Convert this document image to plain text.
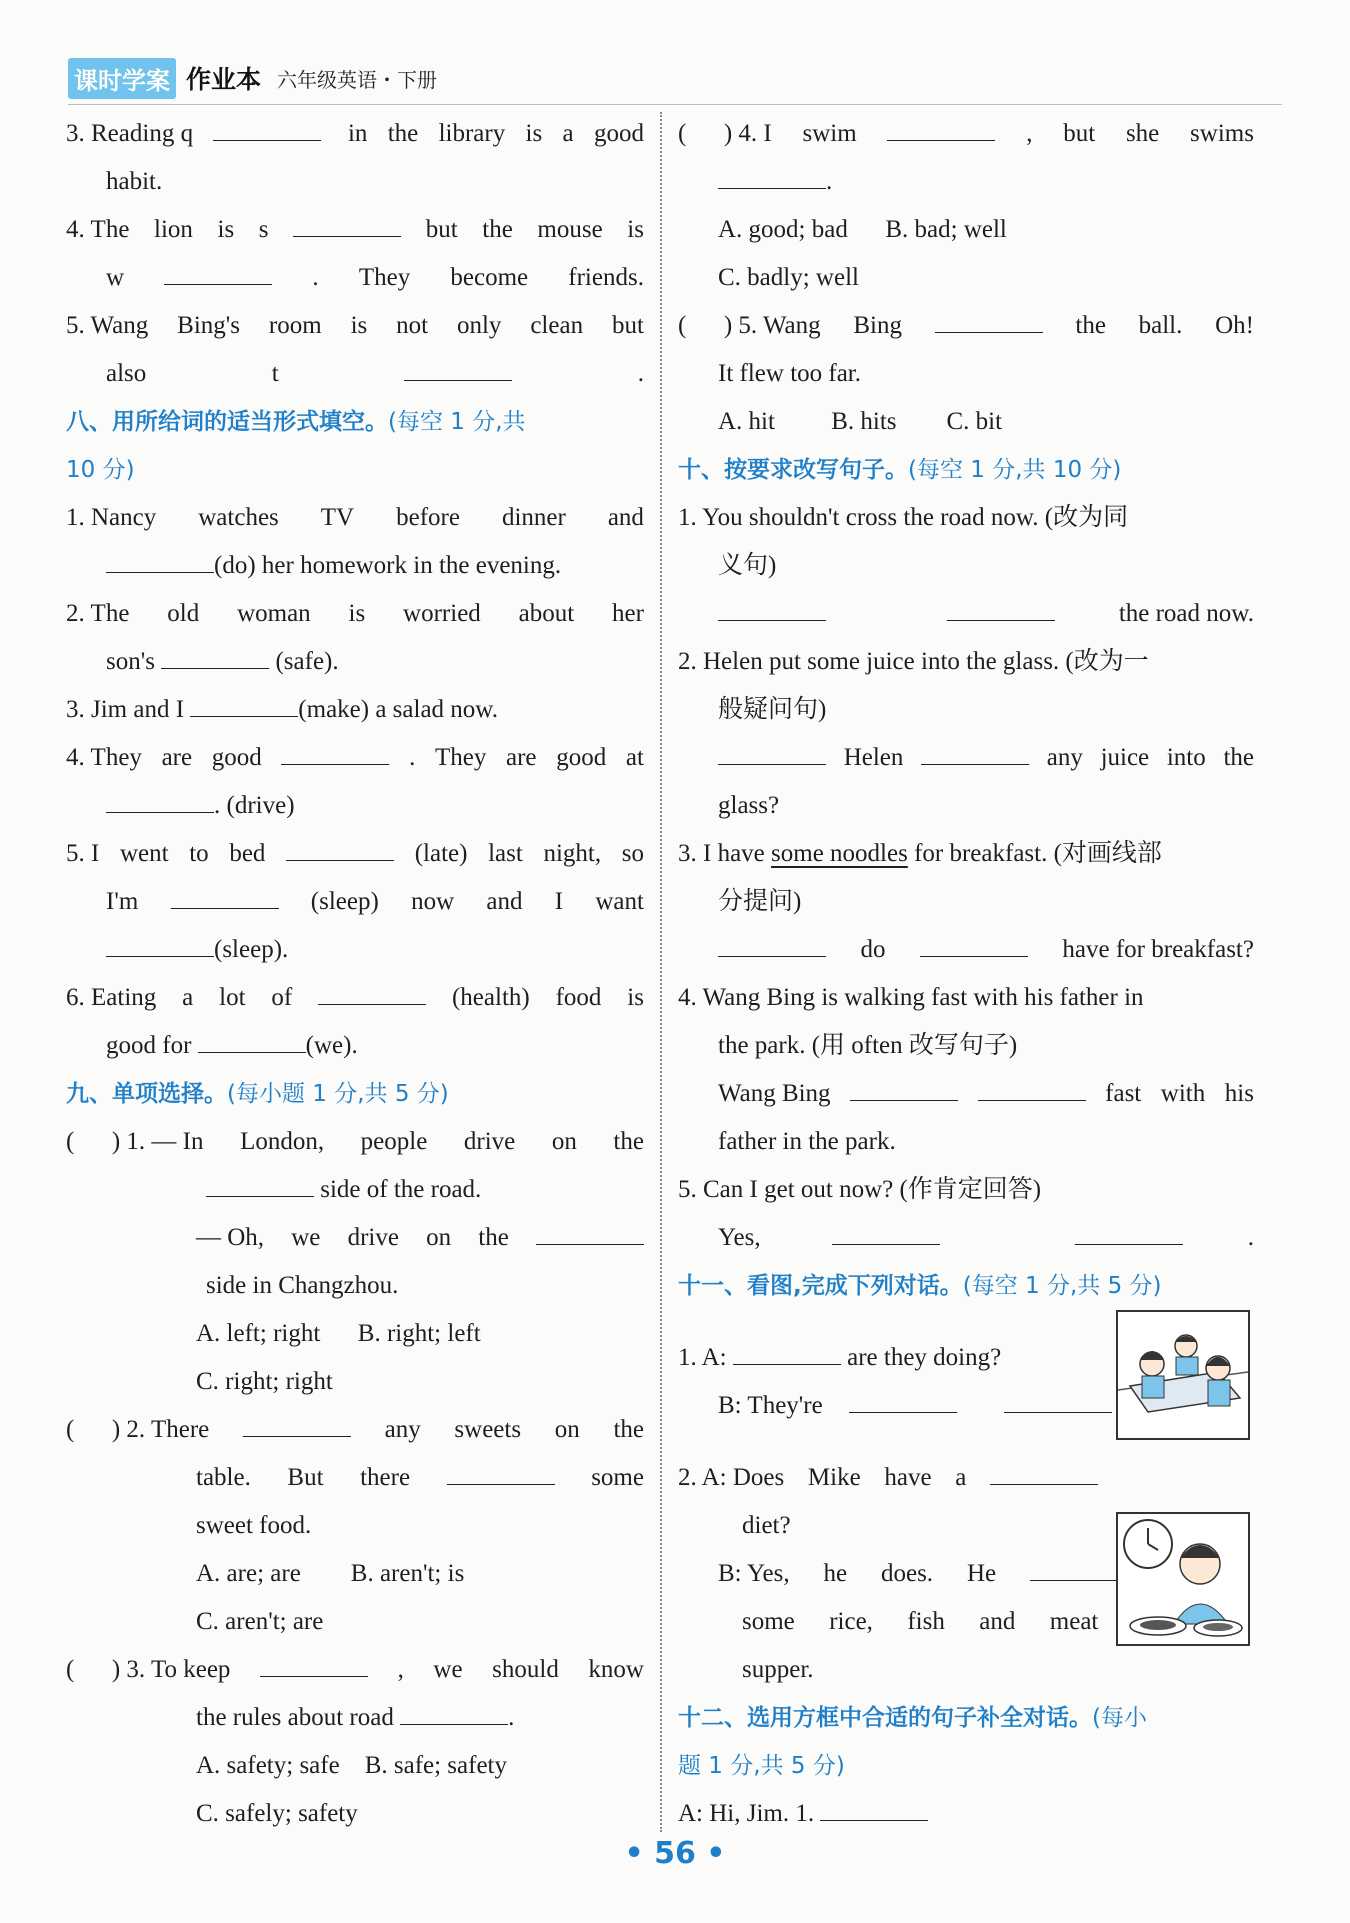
课时学案 作业本 六年级英语・下册
3. Reading q	in the library is a good
habit.
4. The lion is s	but the mouse is
w	. They become friends.
5. Wang Bing's room is not only clean but
also	t	.
八、用所给词的适当形式填空。 (每空 1 分,共
10 分)
1. Nancy watches TV before dinner and
(do) her homework in the evening.
2. The old woman is worried about her
son's	(safe).
3. Jim and I	(make) a salad now.
4. They are good	. They are good at
. (drive)
5. I went to bed	(late) last night, so
I'm	(sleep) now and I want
(sleep).
6. Eating a lot of	(health) food is
good for	(we).
九、单项选择。 (每小题 1 分,共 5 分)
(      ) 1. — In London, people drive on the
side of the road.
— Oh, we drive on the
side in Changzhou.
A. left; right      B. right; left
C. right; right
(      ) 2. There	any sweets on the
table. But there	some
sweet food.
A. are; are        B. aren't; is
C. aren't; are
(      ) 3. To keep	, we should know
the rules about road	.
A. safety; safe    B. safe; safety
C. safely; safety
(      ) 4. I swim	, but she swims
.
A. good; bad      B. bad; well
C. badly; well
(      ) 5. Wang Bing	the ball. Oh!
It flew too far.
A. hit         B. hits        C. bit
十、按要求改写句子。 (每空 1 分,共 10 分)
1. You shouldn't cross the road now. (改为同
义句)

the road now.
2. Helen put some juice into the glass. (改为一
般疑问句)
Helen	any juice into the
glass?
3. I have some noodles for breakfast. (对画线部
分提问)
do	have for breakfast?
4. Wang Bing is walking fast with his father in
the park. (用 often 改写句子)
Wang Bing	fast with his
father in the park.
5. Can I get out now? (作肯定回答)
Yes,
	.
十一、看图,完成下列对话。 (每空 1 分,共 5 分)
1. A:	are they doing?
B: They're

2. A: Does Mike have a
diet?
B: Yes, he does. He
some rice, fish and meat
supper.
十二、选用方框中合适的句子补全对话。 (每小
题 1 分,共 5 分)
A: Hi, Jim. 1.
• 56 •
